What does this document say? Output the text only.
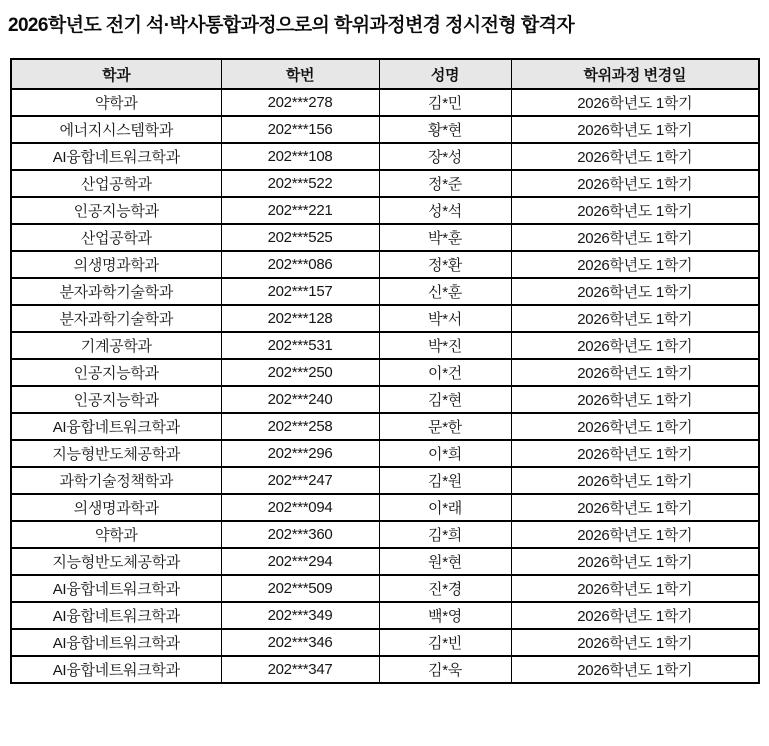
2026학년도 전기 석·박사통합과정으로의 학위과정변경 정시전형 합격자
학과	학번	성명	학위과정 변경일
약학과	202***278	김*민	2026학년도 1학기
에너지시스템학과	202***156	황*현	2026학년도 1학기
AI융합네트워크학과	202***108	장*성	2026학년도 1학기
산업공학과	202***522	정*준	2026학년도 1학기
인공지능학과	202***221	성*석	2026학년도 1학기
산업공학과	202***525	박*훈	2026학년도 1학기
의생명과학과	202***086	정*환	2026학년도 1학기
분자과학기술학과	202***157	신*훈	2026학년도 1학기
분자과학기술학과	202***128	박*서	2026학년도 1학기
기계공학과	202***531	박*진	2026학년도 1학기
인공지능학과	202***250	이*건	2026학년도 1학기
인공지능학과	202***240	김*현	2026학년도 1학기
AI융합네트워크학과	202***258	문*한	2026학년도 1학기
지능형반도체공학과	202***296	이*희	2026학년도 1학기
과학기술정책학과	202***247	김*원	2026학년도 1학기
의생명과학과	202***094	이*래	2026학년도 1학기
약학과	202***360	김*희	2026학년도 1학기
지능형반도체공학과	202***294	원*현	2026학년도 1학기
AI융합네트워크학과	202***509	진*경	2026학년도 1학기
AI융합네트워크학과	202***349	백*영	2026학년도 1학기
AI융합네트워크학과	202***346	김*빈	2026학년도 1학기
AI융합네트워크학과	202***347	김*욱	2026학년도 1학기
